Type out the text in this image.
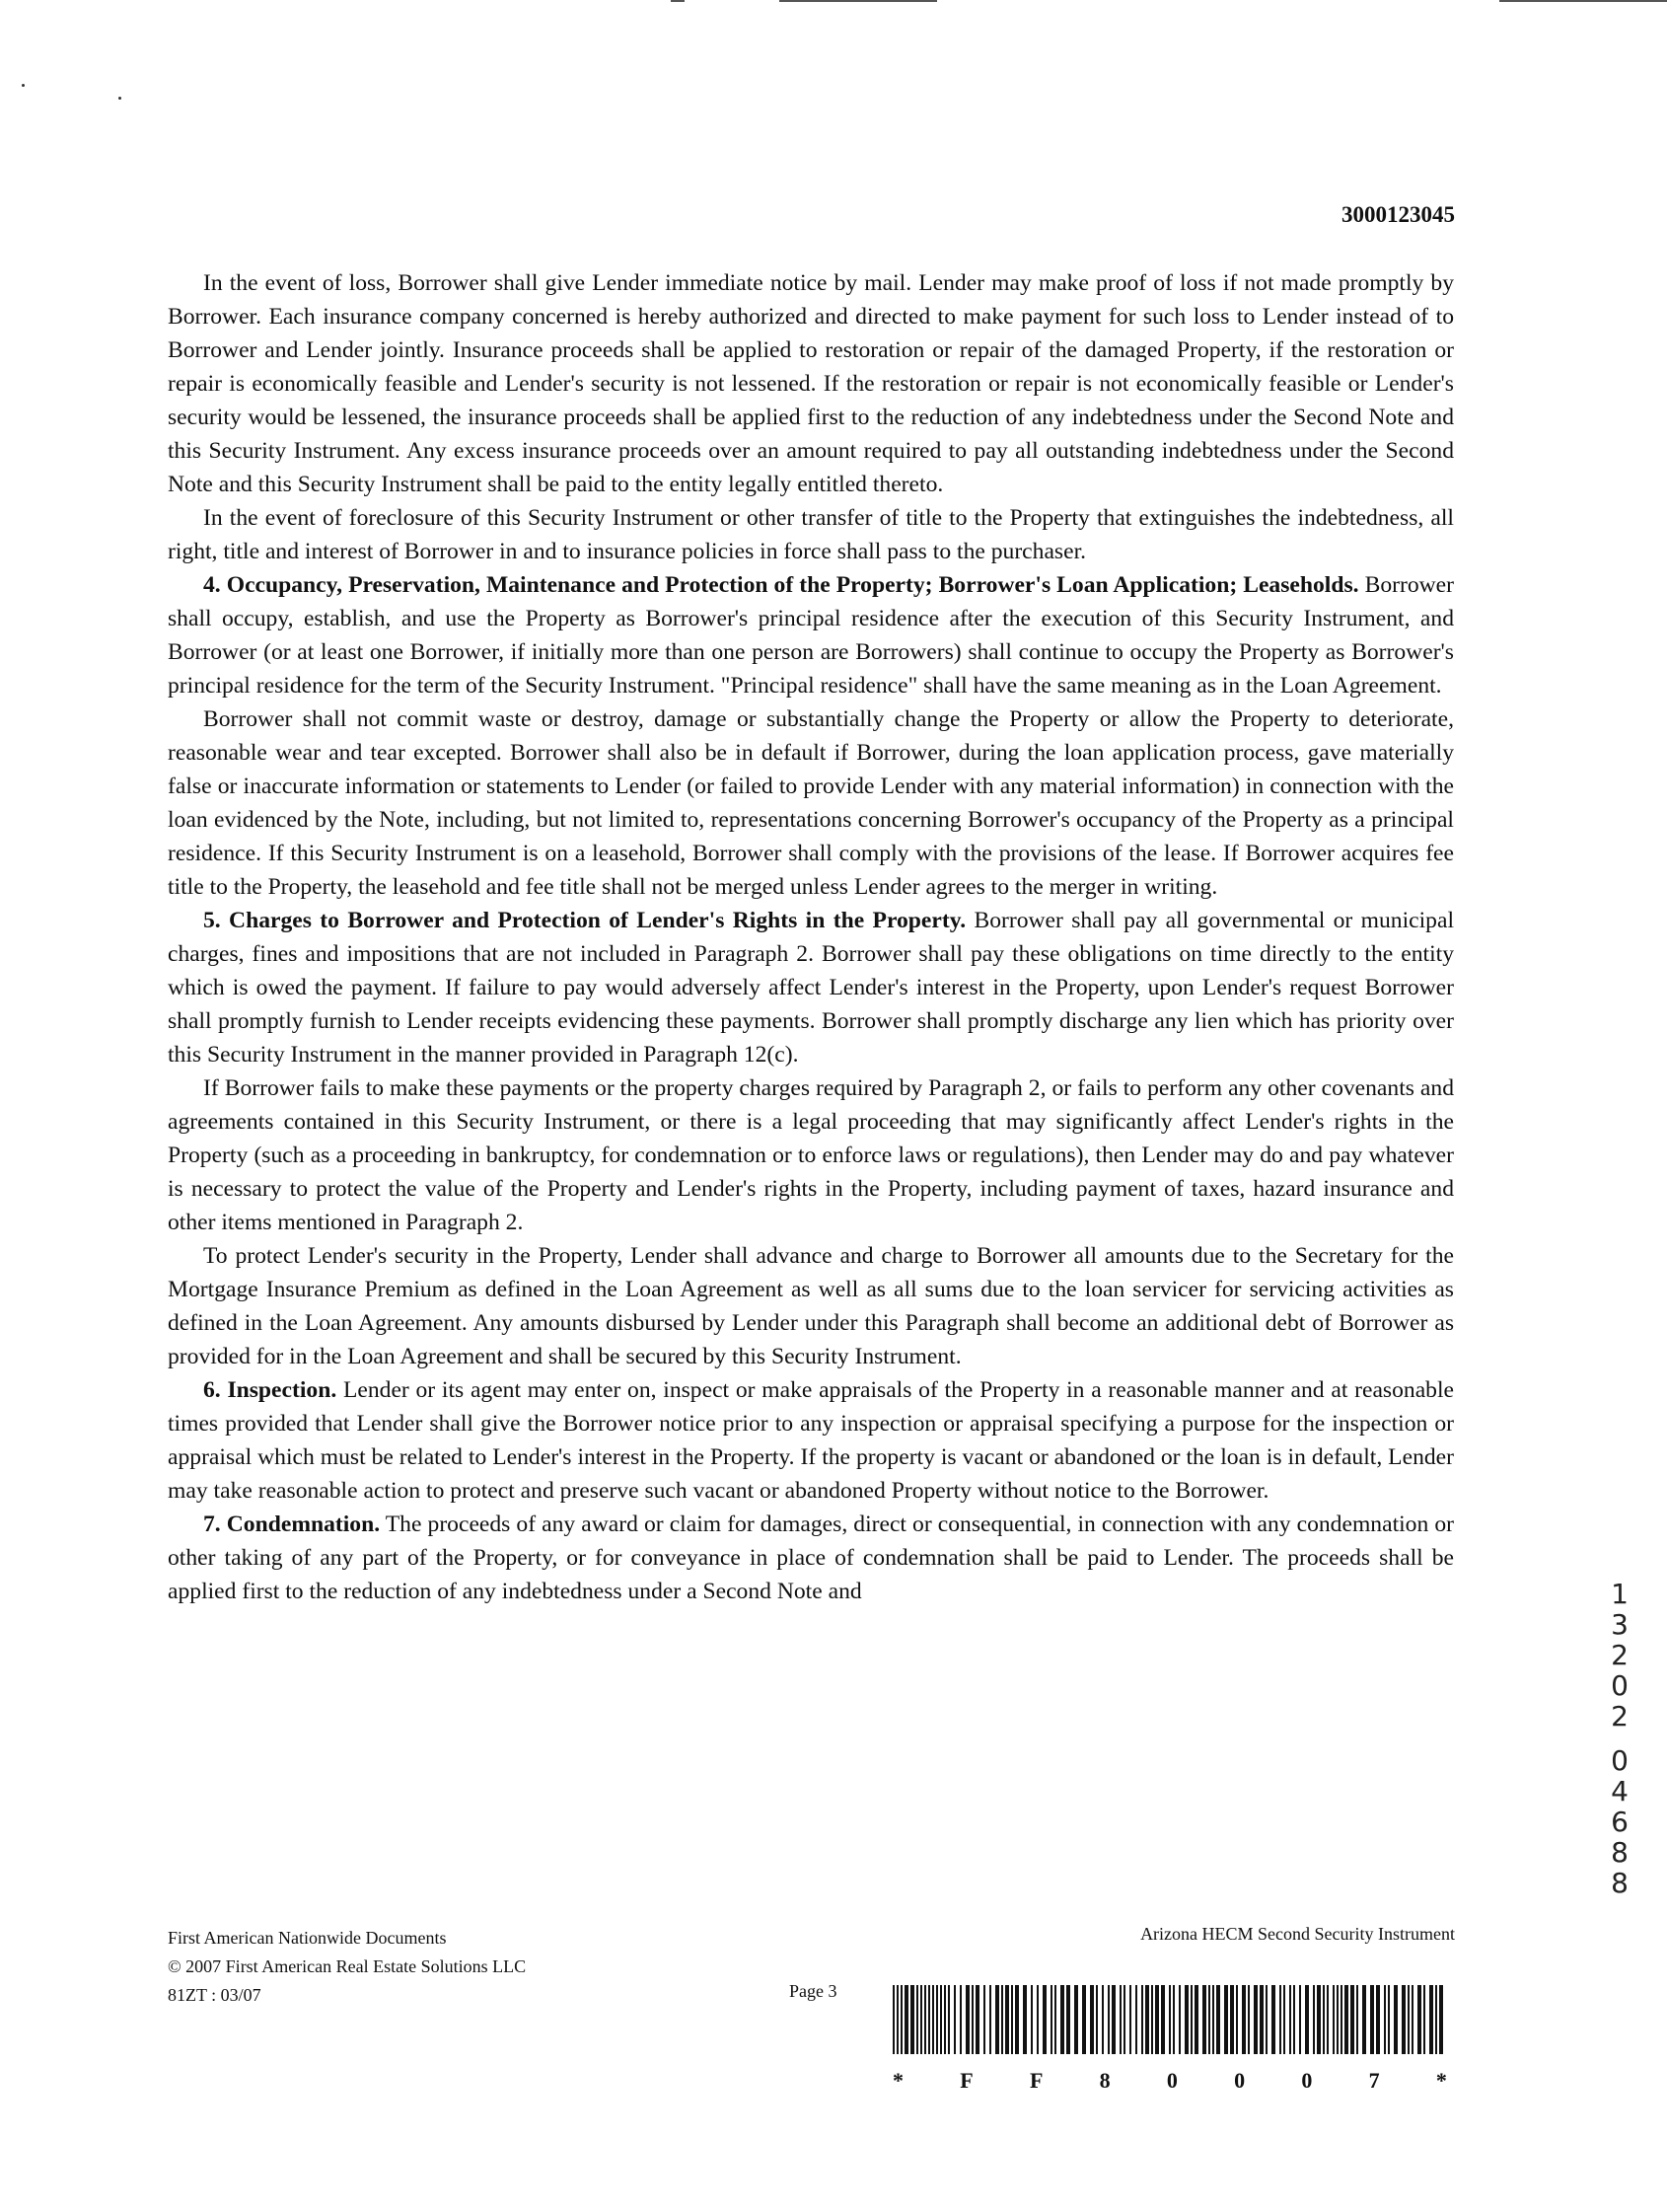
3000123045

In the event of loss, Borrower shall give Lender immediate notice by mail. Lender may make proof of loss if not made promptly by Borrower. Each insurance company concerned is hereby authorized and directed to make payment for such loss to Lender instead of to Borrower and Lender jointly. Insurance proceeds shall be applied to restoration or repair of the damaged Property, if the restoration or repair is economically feasible and Lender's security is not lessened. If the restoration or repair is not economically feasible or Lender's security would be lessened, the insurance proceeds shall be applied first to the reduction of any indebtedness under the Second Note and this Security Instrument. Any excess insurance proceeds over an amount required to pay all outstanding indebtedness under the Second Note and this Security Instrument shall be paid to the entity legally entitled thereto.

In the event of foreclosure of this Security Instrument or other transfer of title to the Property that extinguishes the indebtedness, all right, title and interest of Borrower in and to insurance policies in force shall pass to the purchaser.

4. Occupancy, Preservation, Maintenance and Protection of the Property; Borrower's Loan Application; Leaseholds. Borrower shall occupy, establish, and use the Property as Borrower's principal residence after the execution of this Security Instrument, and Borrower (or at least one Borrower, if initially more than one person are Borrowers) shall continue to occupy the Property as Borrower's principal residence for the term of the Security Instrument. "Principal residence" shall have the same meaning as in the Loan Agreement.

Borrower shall not commit waste or destroy, damage or substantially change the Property or allow the Property to deteriorate, reasonable wear and tear excepted. Borrower shall also be in default if Borrower, during the loan application process, gave materially false or inaccurate information or statements to Lender (or failed to provide Lender with any material information) in connection with the loan evidenced by the Note, including, but not limited to, representations concerning Borrower's occupancy of the Property as a principal residence. If this Security Instrument is on a leasehold, Borrower shall comply with the provisions of the lease. If Borrower acquires fee title to the Property, the leasehold and fee title shall not be merged unless Lender agrees to the merger in writing.

5. Charges to Borrower and Protection of Lender's Rights in the Property. Borrower shall pay all governmental or municipal charges, fines and impositions that are not included in Paragraph 2. Borrower shall pay these obligations on time directly to the entity which is owed the payment. If failure to pay would adversely affect Lender's interest in the Property, upon Lender's request Borrower shall promptly furnish to Lender receipts evidencing these payments. Borrower shall promptly discharge any lien which has priority over this Security Instrument in the manner provided in Paragraph 12(c).

If Borrower fails to make these payments or the property charges required by Paragraph 2, or fails to perform any other covenants and agreements contained in this Security Instrument, or there is a legal proceeding that may significantly affect Lender's rights in the Property (such as a proceeding in bankruptcy, for condemnation or to enforce laws or regulations), then Lender may do and pay whatever is necessary to protect the value of the Property and Lender's rights in the Property, including payment of taxes, hazard insurance and other items mentioned in Paragraph 2.

To protect Lender's security in the Property, Lender shall advance and charge to Borrower all amounts due to the Secretary for the Mortgage Insurance Premium as defined in the Loan Agreement as well as all sums due to the loan servicer for servicing activities as defined in the Loan Agreement. Any amounts disbursed by Lender under this Paragraph shall become an additional debt of Borrower as provided for in the Loan Agreement and shall be secured by this Security Instrument.

6. Inspection. Lender or its agent may enter on, inspect or make appraisals of the Property in a reasonable manner and at reasonable times provided that Lender shall give the Borrower notice prior to any inspection or appraisal specifying a purpose for the inspection or appraisal which must be related to Lender's interest in the Property. If the property is vacant or abandoned or the loan is in default, Lender may take reasonable action to protect and preserve such vacant or abandoned Property without notice to the Borrower.

7. Condemnation. The proceeds of any award or claim for damages, direct or consequential, in connection with any condemnation or other taking of any part of the Property, or for conveyance in place of condemnation shall be paid to Lender. The proceeds shall be applied first to the reduction of any indebtedness under a Second Note and	1
3
2
0
2
0
4
6
8
8
First American Nationwide Documents
© 2007 First American Real Estate Solutions LLC
81ZT : 03/07	Page 3
Arizona HECM Second Security Instrument
*	F	F	8	0	0	0	7	*
